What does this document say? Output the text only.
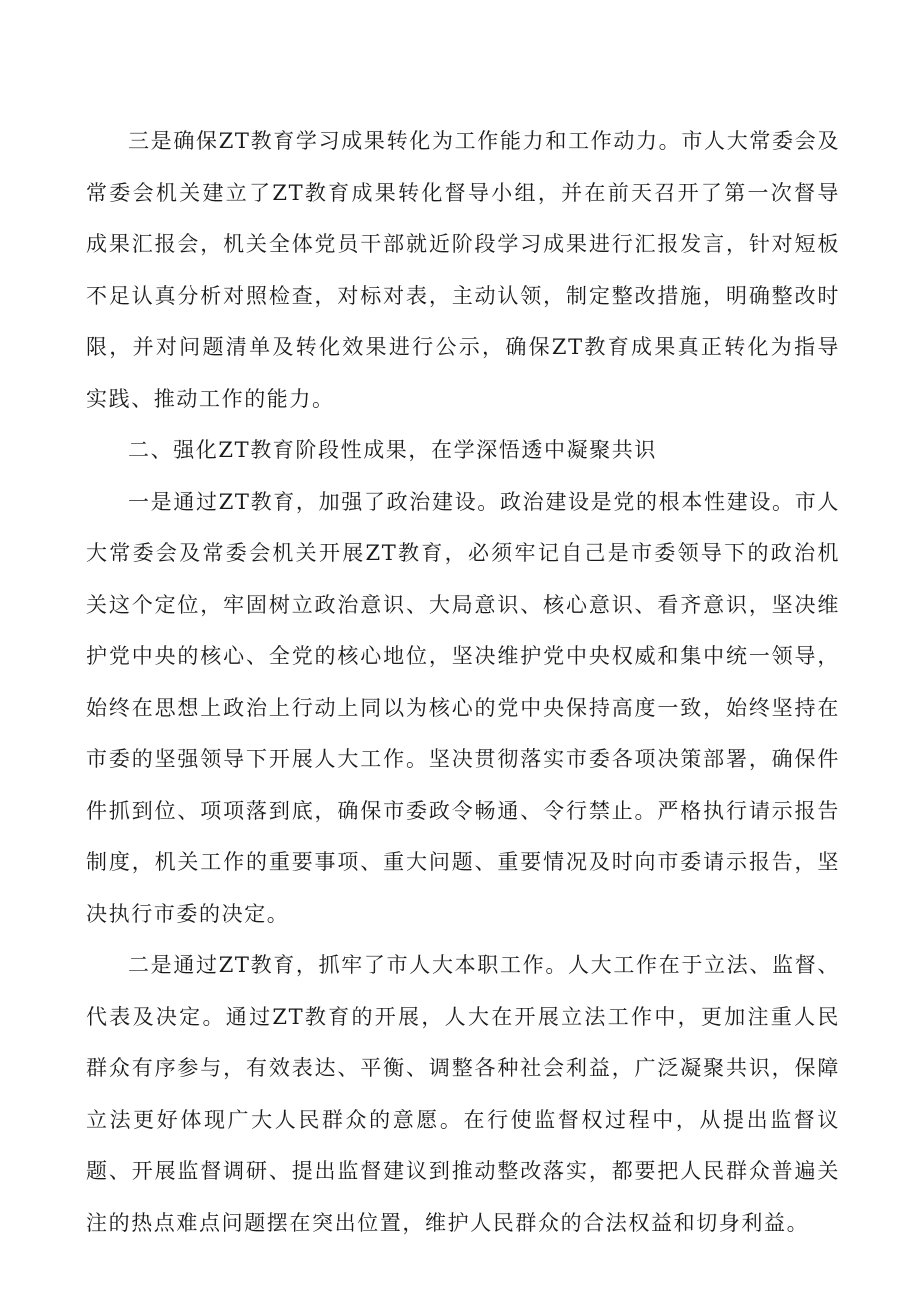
三是确保ZT教育学习成果转化为工作能力和工作动力。市人大常委会及常委会机关建立了ZT教育成果转化督导小组，并在前天召开了第一次督导成果汇报会，机关全体党员干部就近阶段学习成果进行汇报发言，针对短板不足认真分析对照检查，对标对表，主动认领，制定整改措施，明确整改时限，并对问题清单及转化效果进行公示，确保ZT教育成果真正转化为指导实践、推动工作的能力。

二、强化ZT教育阶段性成果，在学深悟透中凝聚共识

一是通过ZT教育，加强了政治建设。政治建设是党的根本性建设。市人大常委会及常委会机关开展ZT教育，必须牢记自己是市委领导下的政治机关这个定位，牢固树立政治意识、大局意识、核心意识、看齐意识，坚决维护党中央的核心、全党的核心地位，坚决维护党中央权威和集中统一领导，始终在思想上政治上行动上同以为核心的党中央保持高度一致，始终坚持在市委的坚强领导下开展人大工作。坚决贯彻落实市委各项决策部署，确保件件抓到位、项项落到底，确保市委政令畅通、令行禁止。严格执行请示报告制度，机关工作的重要事项、重大问题、重要情况及时向市委请示报告，坚决执行市委的决定。

二是通过ZT教育，抓牢了市人大本职工作。人大工作在于立法、监督、代表及决定。通过ZT教育的开展，人大在开展立法工作中，更加注重人民群众有序参与，有效表达、平衡、调整各种社会利益，广泛凝聚共识，保障立法更好体现广大人民群众的意愿。在行使监督权过程中，从提出监督议题、开展监督调研、提出监督建议到推动整改落实，都要把人民群众普遍关注的热点难点问题摆在突出位置，维护人民群众的合法权益和切身利益。
